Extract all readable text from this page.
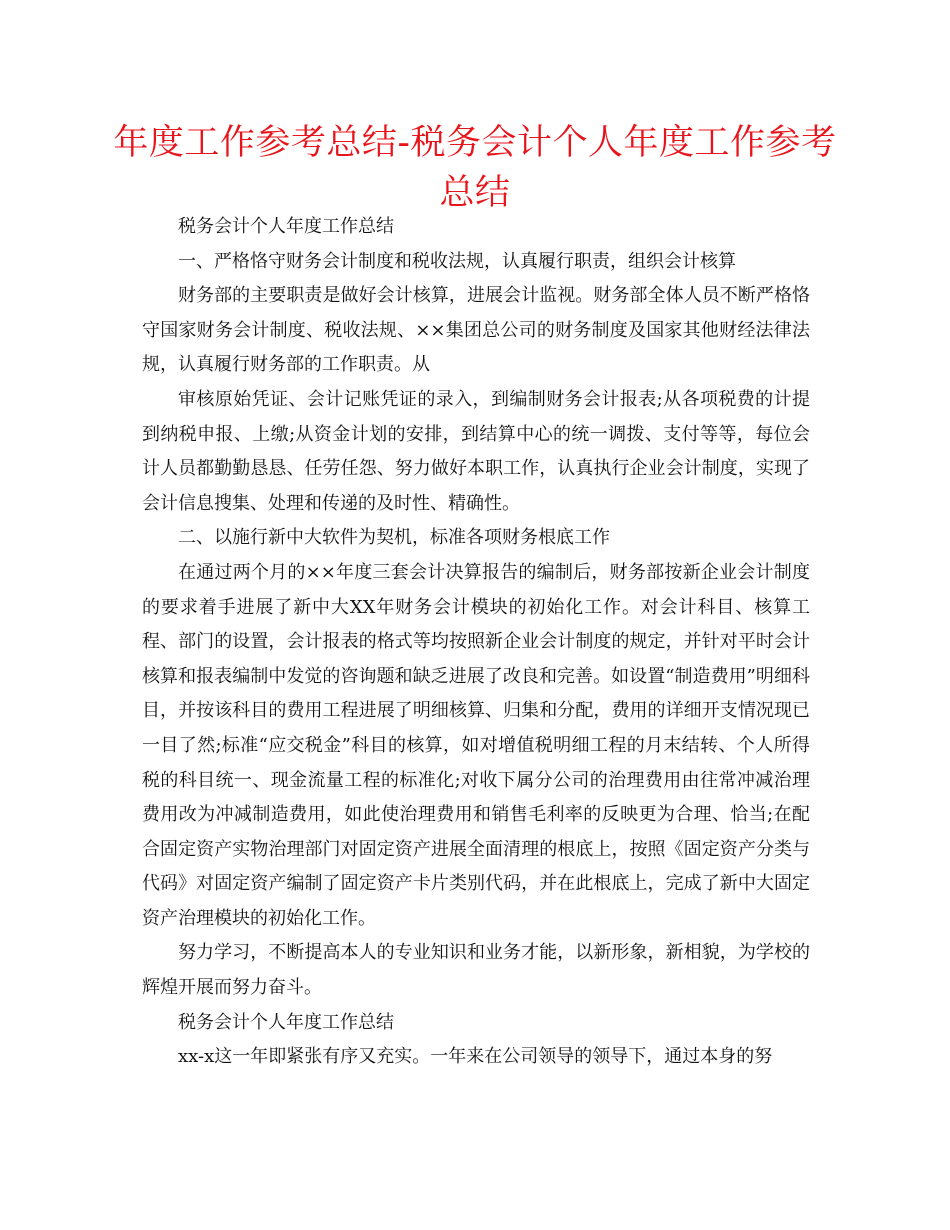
年度工作参考总结-税务会计个人年度工作参考总结

税务会计个人年度工作总结

一、严格恪守财务会计制度和税收法规，认真履行职责，组织会计核算

财务部的主要职责是做好会计核算，进展会计监视。财务部全体人员不断严格恪守国家财务会计制度、税收法规、××集团总公司的财务制度及国家其他财经法律法规，认真履行财务部的工作职责。从

审核原始凭证、会计记账凭证的录入，到编制财务会计报表;从各项税费的计提到纳税申报、上缴;从资金计划的安排，到结算中心的统一调拨、支付等等，每位会计人员都勤勤恳恳、任劳任怨、努力做好本职工作，认真执行企业会计制度，实现了会计信息搜集、处理和传递的及时性、精确性。

二、以施行新中大软件为契机，标准各项财务根底工作

在通过两个月的××年度三套会计决算报告的编制后，财务部按新企业会计制度的要求着手进展了新中大XX年财务会计模块的初始化工作。对会计科目、核算工程、部门的设置，会计报表的格式等均按照新企业会计制度的规定，并针对平时会计核算和报表编制中发觉的咨询题和缺乏进展了改良和完善。如设置“制造费用”明细科目，并按该科目的费用工程进展了明细核算、归集和分配，费用的详细开支情况现已一目了然;标准“应交税金”科目的核算，如对增值税明细工程的月末结转、个人所得税的科目统一、现金流量工程的标准化;对收下属分公司的治理费用由往常冲减治理费用改为冲减制造费用，如此使治理费用和销售毛利率的反映更为合理、恰当;在配合固定资产实物治理部门对固定资产进展全面清理的根底上，按照《固定资产分类与代码》对固定资产编制了固定资产卡片类别代码，并在此根底上，完成了新中大固定资产治理模块的初始化工作。

努力学习，不断提高本人的专业知识和业务才能，以新形象，新相貌，为学校的辉煌开展而努力奋斗。

税务会计个人年度工作总结

xx-x这一年即紧张有序又充实。一年来在公司领导的领导下，通过本身的努
